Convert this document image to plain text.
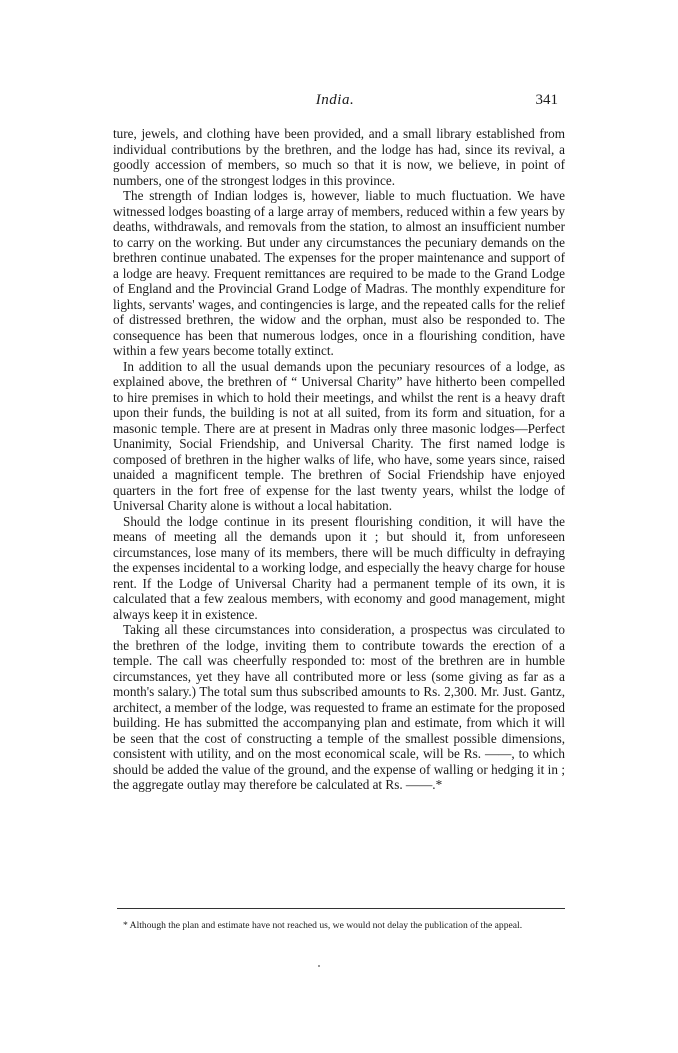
India.	341

ture, jewels, and clothing have been provided, and a small library established from individual contributions by the brethren, and the lodge has had, since its revival, a goodly accession of members, so much so that it is now, we believe, in point of numbers, one of the strongest lodges in this province.

The strength of Indian lodges is, however, liable to much fluctuation. We have witnessed lodges boasting of a large array of members, reduced within a few years by deaths, withdrawals, and removals from the station, to almost an insufficient number to carry on the working. But under any circumstances the pecuniary demands on the brethren continue unabated. The expenses for the proper maintenance and support of a lodge are heavy. Frequent remittances are required to be made to the Grand Lodge of England and the Provincial Grand Lodge of Madras. The monthly expenditure for lights, servants' wages, and contingencies is large, and the repeated calls for the relief of distressed brethren, the widow and the orphan, must also be responded to. The consequence has been that numerous lodges, once in a flourishing condition, have within a few years become totally extinct.

In addition to all the usual demands upon the pecuniary resources of a lodge, as explained above, the brethren of “ Universal Charity” have hitherto been compelled to hire premises in which to hold their meetings, and whilst the rent is a heavy draft upon their funds, the building is not at all suited, from its form and situation, for a masonic temple. There are at present in Madras only three masonic lodges—Perfect Unanimity, Social Friendship, and Universal Charity. The first named lodge is composed of brethren in the higher walks of life, who have, some years since, raised unaided a magnificent temple. The brethren of Social Friendship have enjoyed quarters in the fort free of expense for the last twenty years, whilst the lodge of Universal Charity alone is without a local habitation.

Should the lodge continue in its present flourishing condition, it will have the means of meeting all the demands upon it ; but should it, from unforeseen circumstances, lose many of its members, there will be much difficulty in defraying the expenses incidental to a working lodge, and especially the heavy charge for house rent. If the Lodge of Universal Charity had a permanent temple of its own, it is calculated that a few zealous members, with economy and good management, might always keep it in existence.

Taking all these circumstances into consideration, a prospectus was circulated to the brethren of the lodge, inviting them to contribute towards the erection of a temple. The call was cheerfully responded to: most of the brethren are in humble circumstances, yet they have all contributed more or less (some giving as far as a month's salary.) The total sum thus subscribed amounts to Rs. 2,300. Mr. Just. Gantz, architect, a member of the lodge, was requested to frame an estimate for the proposed building. He has submitted the accompanying plan and estimate, from which it will be seen that the cost of constructing a temple of the smallest possible dimensions, consistent with utility, and on the most economical scale, will be Rs. ——, to which should be added the value of the ground, and the expense of walling or hedging it in ; the aggregate outlay may therefore be calculated at Rs. ——.*

* Although the plan and estimate have not reached us, we would not delay the publication of the appeal.
